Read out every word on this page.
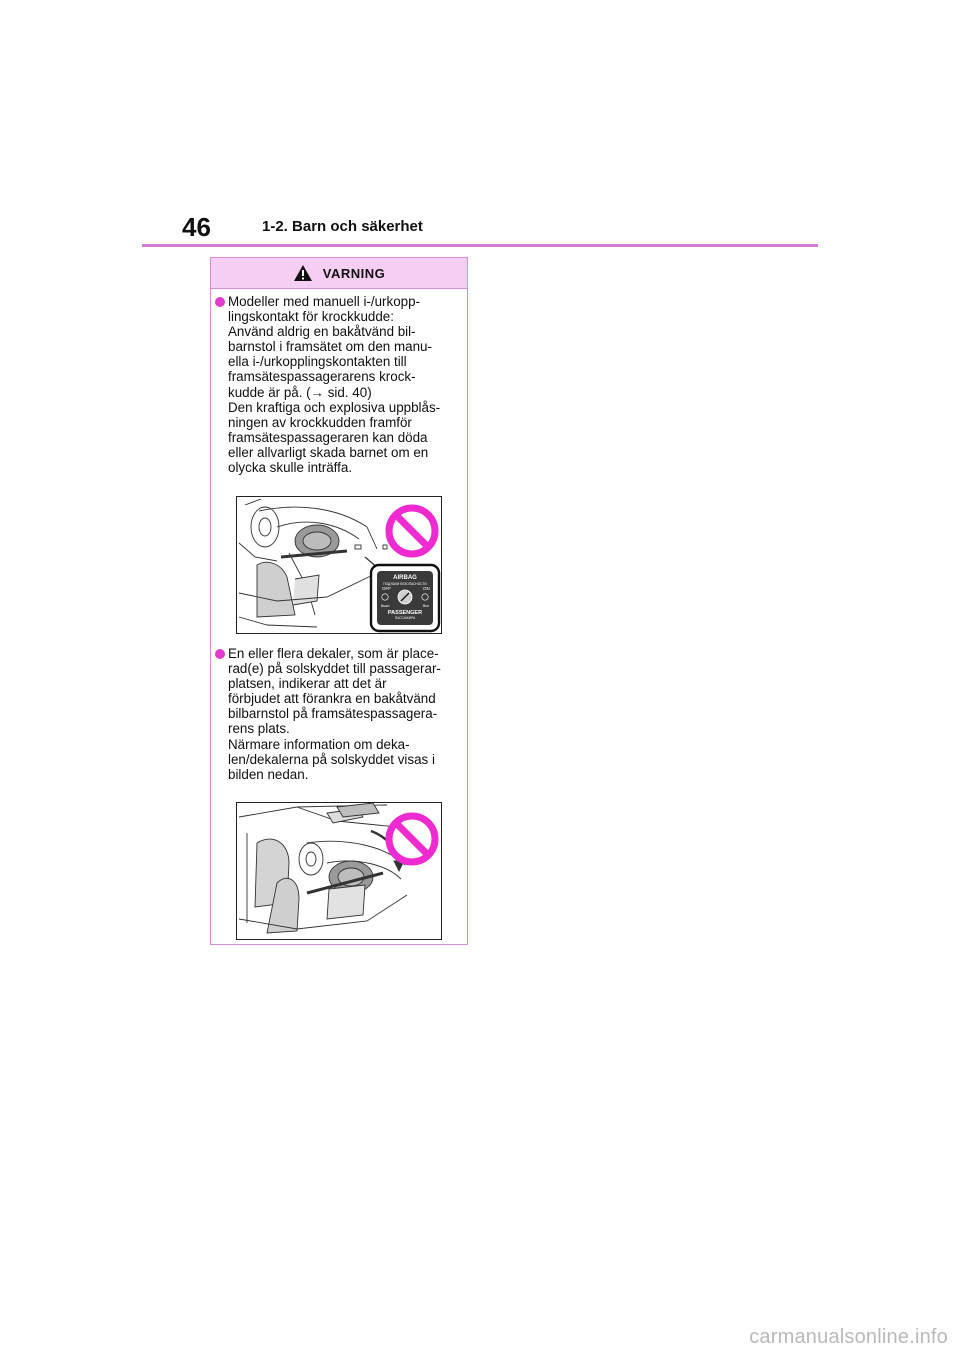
46	1-2. Barn och säkerhet
VARNING
Modeller med manuell i-/urkopp-
lingskontakt för krockkudde:
Använd aldrig en bakåtvänd bil-
barnstol i framsätet om den manu-
ella i-/urkopplingskontakten till
framsätespassagerarens krock-
kudde är på. (→ sid. 40)
Den kraftiga och explosiva uppblås-
ningen av krockkudden framför
framsätespassageraren kan döda
eller allvarligt skada barnet om en
olycka skulle inträffa.
En eller flera dekaler, som är place-
rad(e) på solskyddet till passagerar-
platsen, indikerar att det är
förbjudet att förankra en bakåtvänd
bilbarnstol på framsätespassagera-
rens plats.
Närmare information om deka-
len/dekalerna på solskyddet visas i
bilden nedan.
AIRBAG
ПОДУШКИ БЕЗОПАСНОСТИ
OFF	ON
Выкл	Вкл
PASSENGER
ПАССАЖИРА
carmanualsonline.info
